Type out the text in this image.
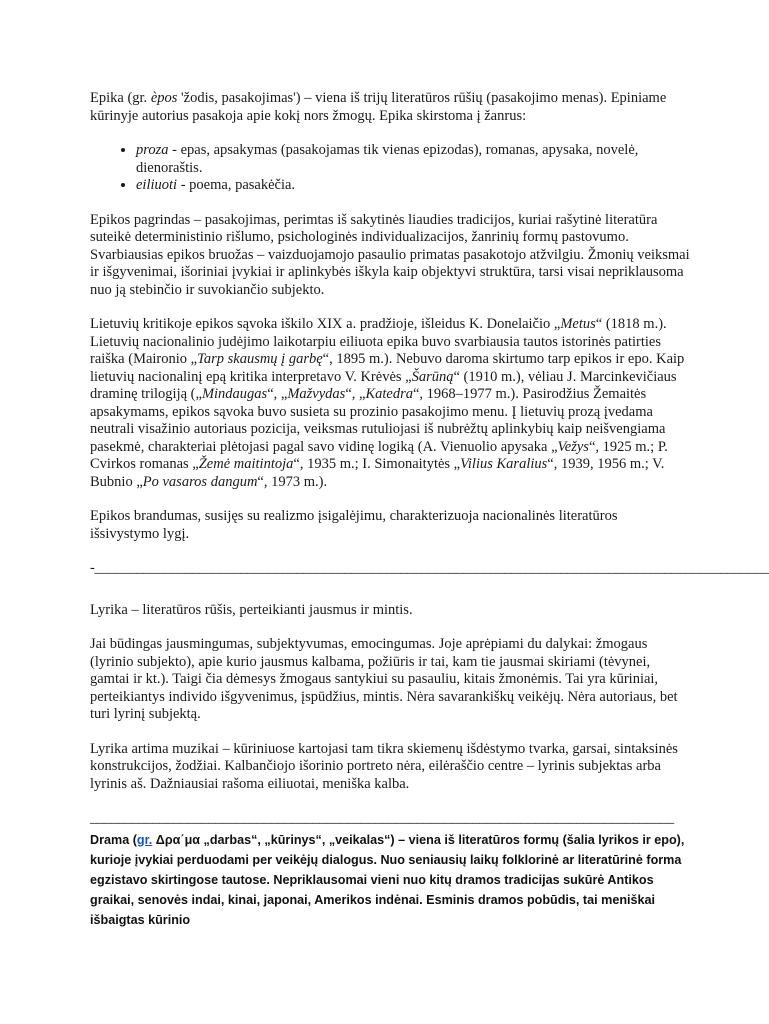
Epika (gr. èpos 'žodis, pasakojimas') – viena iš trijų literatūros rūšių (pasakojimo menas). Epiniame kūrinyje autorius pasakoja apie kokį nors žmogų. Epika skirstoma į žanrus:

• proza - epas, apsakymas (pasakojamas tik vienas epizodas), romanas, apysaka, novelė, dienoraštis.
• eiliuoti - poema, pasakėčia.

Epikos pagrindas – pasakojimas, perimtas iš sakytinės liaudies tradicijos, kuriai rašytinė literatūra suteikė deterministinio rišlumo, psichologinės individualizacijos, žanrinių formų pastovumo. Svarbiausias epikos bruožas – vaizduojamojo pasaulio primatas pasakotojo atžvilgiu. Žmonių veiksmai ir išgyvenimai, išoriniai įvykiai ir aplinkybės iškyla kaip objektyvi struktūra, tarsi visai nepriklausoma nuo ją stebinčio ir suvokiančio subjekto.

Lietuvių kritikoje epikos sąvoka iškilo XIX a. pradžioje, išleidus K. Donelaičio „Metus“ (1818 m.). Lietuvių nacionalinio judėjimo laikotarpiu eiliuota epika buvo svarbiausia tautos istorinės patirties raiška (Maironio „Tarp skausmų į garbę“, 1895 m.). Nebuvo daroma skirtumo tarp epikos ir epo. Kaip lietuvių nacionalinį epą kritika interpretavo V. Krėvės „Šarūną“ (1910 m.), vėliau J. Marcinkevičiaus draminę trilogiją („Mindaugas“, „Mažvydas“, „Katedra“, 1968–1977 m.). Pasirodžius Žemaitės apsakymams, epikos sąvoka buvo susieta su prozinio pasakojimo menu. Į lietuvių prozą įvedama neutrali visažinio autoriaus pozicija, veiksmas rutuliojasi iš nubrėžtų aplinkybių kaip neišvengiama pasekmė, charakteriai plėtojasi pagal savo vidinę logiką (A. Vienuolio apysaka „Vežys“, 1925 m.; P. Cvirkos romanas „Žemė maitintoja“, 1935 m.; I. Simonaitytės „Vilius Karalius“, 1939, 1956 m.; V. Bubnio „Po vasaros dangum“, 1973 m.).

Epikos brandumas, susijęs su realizmo įsigalėjimu, charakterizuoja nacionalinės literatūros išsivystymo lygį.

-_________________________________________________________________________________________________

Lyrika – literatūros rūšis, perteikianti jausmus ir mintis.

Jai būdingas jausmingumas, subjektyvumas, emocingumas. Joje aprėpiami du dalykai: žmogaus (lyrinio subjekto), apie kurio jausmus kalbama, požiūris ir tai, kam tie jausmai skiriami (tėvynei, gamtai ir kt.). Taigi čia dėmesys žmogaus santykiui su pasauliu, kitais žmonėmis. Tai yra kūriniai, perteikiantys individo išgyvenimus, įspūdžius, mintis. Nėra savarankiškų veikėjų. Nėra autoriaus, bet turi lyrinį subjektą.

Lyrika artima muzikai – kūriniuose kartojasi tam tikra skiemenų išdėstymo tvarka, garsai, sintaksinės konstrukcijos, žodžiai. Kalbančiojo išorinio portreto nėra, eilėraščio centre – lyrinis subjektas arba lyrinis aš. Dažniausiai rašoma eiliuotai, meniška kalba.

____________________________________________________________________________________
Drama (gr. Δρα΄μα „darbas“, „kūrinys“, „veikalas“) – viena iš literatūros formų (šalia lyrikos ir epo), kurioje įvykiai perduodami per veikėjų dialogus. Nuo seniausių laikų folklorinė ar literatūrinė forma egzistavo skirtingose tautose. Nepriklausomai vieni nuo kitų dramos tradicijas sukūrė Antikos graikai, senovės indai, kinai, japonai, Amerikos indėnai. Esminis dramos pobūdis, tai meniškai išbaigtas kūrinio
